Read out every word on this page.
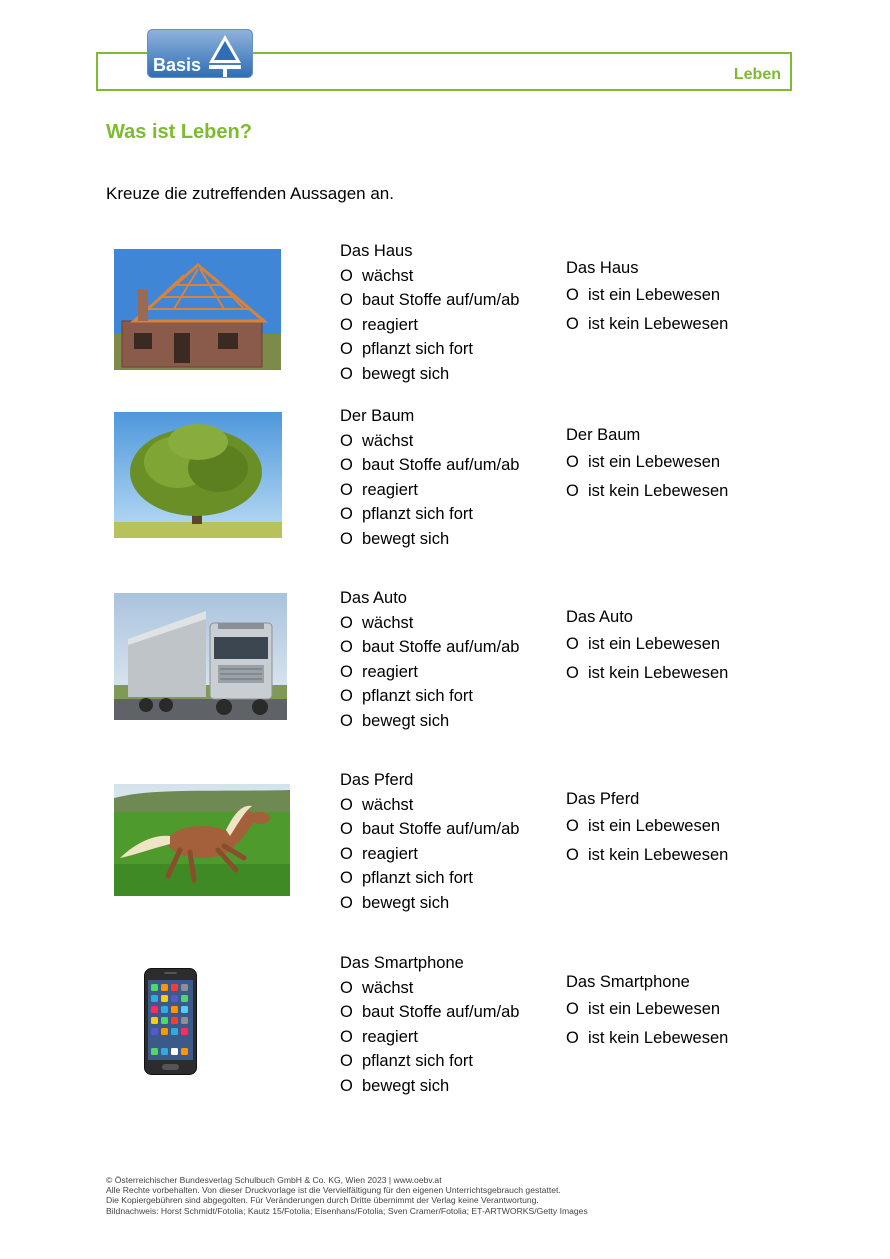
Leben
Basis
Was ist Leben?
Kreuze die zutreffenden Aussagen an.
Das Haus
O wächst
O baut Stoffe auf/um/ab
O reagiert
O pflanzt sich fort
O bewegt sich
Das Haus
O ist ein Lebewesen
O ist kein Lebewesen
Der Baum
O wächst
O baut Stoffe auf/um/ab
O reagiert
O pflanzt sich fort
O bewegt sich
Der Baum
O ist ein Lebewesen
O ist kein Lebewesen
Das Auto
O wächst
O baut Stoffe auf/um/ab
O reagiert
O pflanzt sich fort
O bewegt sich
Das Auto
O ist ein Lebewesen
O ist kein Lebewesen
Das Pferd
O wächst
O baut Stoffe auf/um/ab
O reagiert
O pflanzt sich fort
O bewegt sich
Das Pferd
O ist ein Lebewesen
O ist kein Lebewesen
Das Smartphone
O wächst
O baut Stoffe auf/um/ab
O reagiert
O pflanzt sich fort
O bewegt sich
Das Smartphone
O ist ein Lebewesen
O ist kein Lebewesen
© Österreichischer Bundesverlag Schulbuch GmbH & Co. KG, Wien 2023 | www.oebv.at
Alle Rechte vorbehalten. Von dieser Druckvorlage ist die Vervielfältigung für den eigenen Unterrichtsgebrauch gestattet.
Die Kopiergebühren sind abgegolten. Für Veränderungen durch Dritte übernimmt der Verlag keine Verantwortung.
Bildnachweis: Horst Schmidt/Fotolia; Kautz 15/Fotolia; Eisenhans/Fotolia; Sven Cramer/Fotolia; ET-ARTWORKS/Getty Images
